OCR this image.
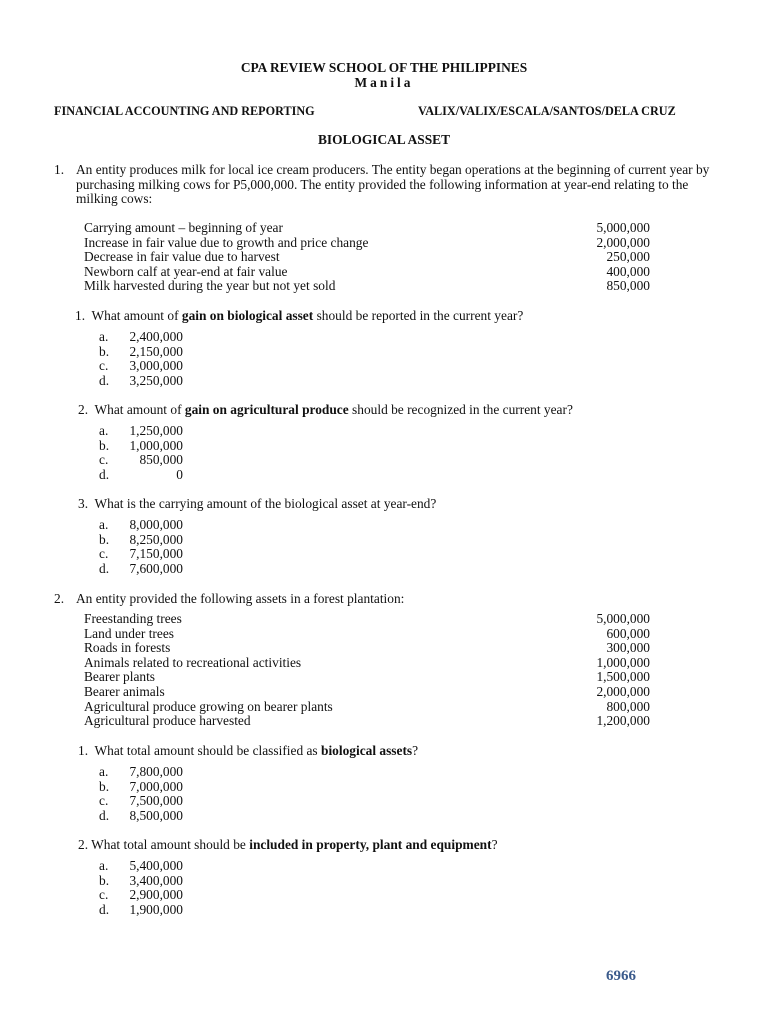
CPA REVIEW SCHOOL OF THE PHILIPPINES
Manila
FINANCIAL ACCOUNTING AND REPORTING	VALIX/VALIX/ESCALA/SANTOS/DELA CRUZ
BIOLOGICAL ASSET
1. An entity produces milk for local ice cream producers. The entity began operations at the beginning of current year by purchasing milking cows for P5,000,000. The entity provided the following information at year-end relating to the milking cows:
Carrying amount – beginning of year	5,000,000
Increase in fair value due to growth and price change	2,000,000
Decrease in fair value due to harvest	250,000
Newborn calf at year-end at fair value	400,000
Milk harvested during the year but not yet sold	850,000
1. What amount of gain on biological asset should be reported in the current year?
a.	2,400,000
b.	2,150,000
c.	3,000,000
d.	3,250,000
2. What amount of gain on agricultural produce should be recognized in the current year?
a.	1,250,000
b.	1,000,000
c.	850,000
d.	0
3. What is the carrying amount of the biological asset at year-end?
a.	8,000,000
b.	8,250,000
c.	7,150,000
d.	7,600,000
2. An entity provided the following assets in a forest plantation:
Freestanding trees	5,000,000
Land under trees	600,000
Roads in forests	300,000
Animals related to recreational activities	1,000,000
Bearer plants	1,500,000
Bearer animals	2,000,000
Agricultural produce growing on bearer plants	800,000
Agricultural produce harvested	1,200,000
1. What total amount should be classified as biological assets?
a.	7,800,000
b.	7,000,000
c.	7,500,000
d.	8,500,000
2. What total amount should be included in property, plant and equipment?
a.	5,400,000
b.	3,400,000
c.	2,900,000
d.	1,900,000
6966
